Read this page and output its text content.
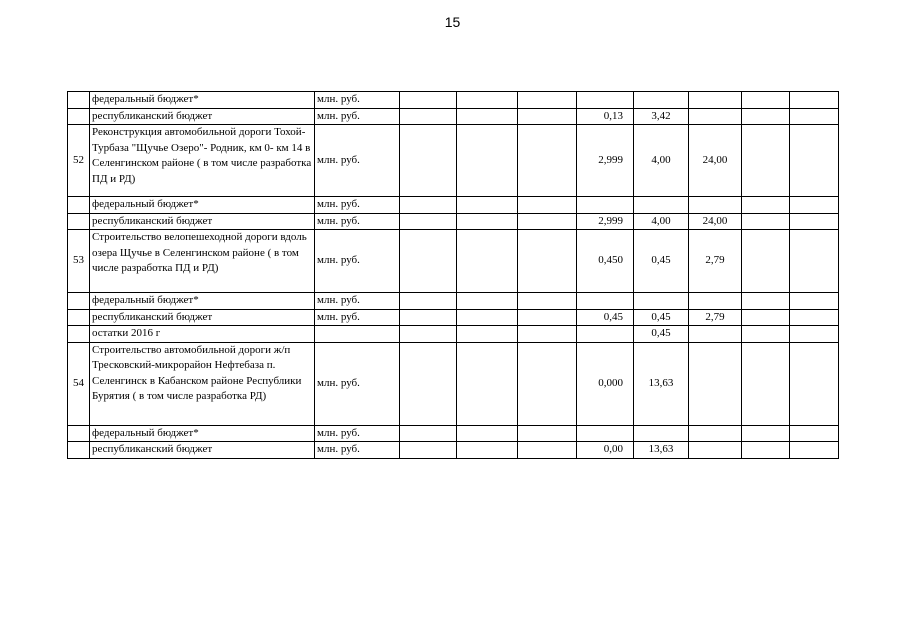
15
	федеральный бюджет*	млн. руб.								
	республиканский бюджет	млн. руб.				0,13	3,42			
52	Реконструкция автомобильной дороги Тохой- Турбаза "Щучье Озеро"- Родник, км 0- км 14 в Селенгинском районе ( в том числе разработка ПД и РД)	млн. руб.				2,999	4,00	24,00		
	федеральный бюджет*	млн. руб.								
	республиканский бюджет	млн. руб.				2,999	4,00	24,00		
53	Строительство велопешеходной дороги вдоль озера Щучье в Селенгинском районе ( в том числе разработка ПД и РД)	млн. руб.				0,450	0,45	2,79		
	федеральный бюджет*	млн. руб.								
	республиканский бюджет	млн. руб.				0,45	0,45	2,79		
	остатки 2016 г						0,45			
54	Строительство автомобильной дороги ж/п Тресковский-микрорайон Нефтебаза п. Селенгинск в Кабанском районе Республики Бурятия ( в том числе разработка РД)	млн. руб.				0,000	13,63			
	федеральный бюджет*	млн. руб.								
	республиканский бюджет	млн. руб.				0,00	13,63			
